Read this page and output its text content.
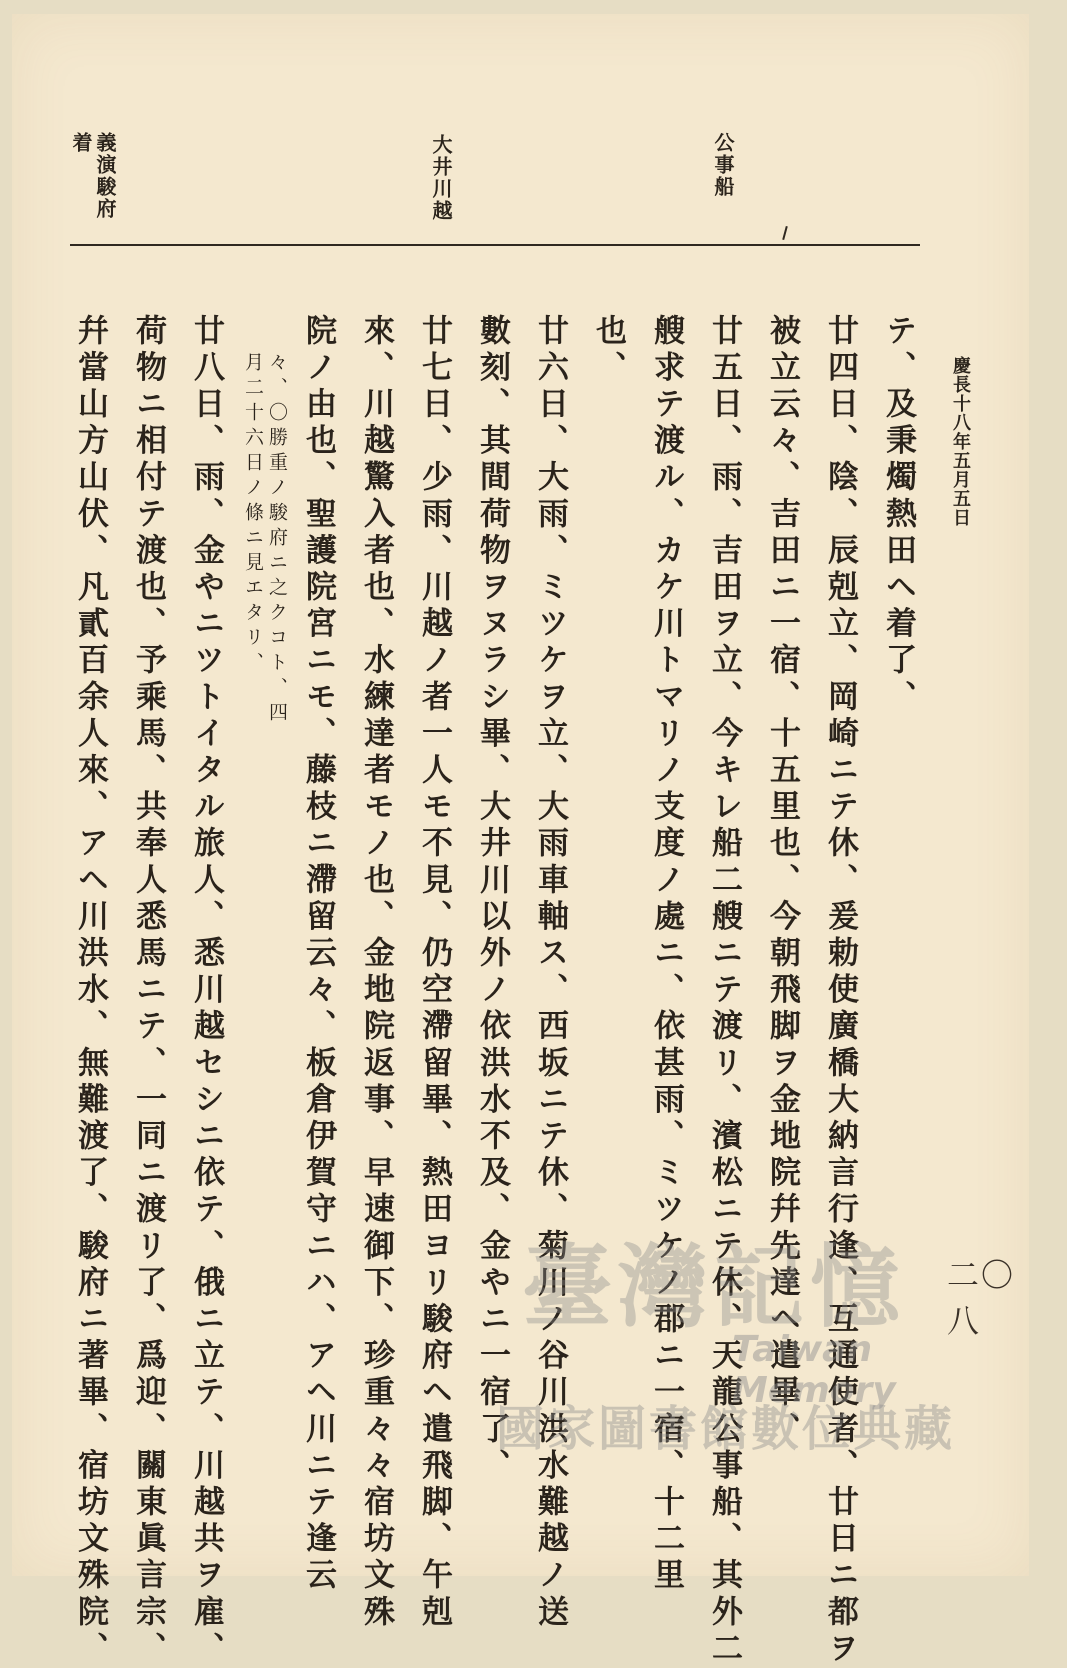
慶長十八年五月五日
二〇八
公事船
大井川越
義演駿府
着
テ、及秉燭熱田ヘ着了、
廿四日、陰、辰剋立、岡崎ニテ休、爰勅使廣橋大納言行逢、互通使者、廿日ニ都ヲ
被立云々、吉田ニ一宿、十五里也、今朝飛脚ヲ金地院幷先達ヘ遣畢、
廿五日、雨、吉田ヲ立、今キレ船二艘ニテ渡リ、濱松ニテ休、天龍公事船、其外二
艘求テ渡ル、カケ川トマリノ支度ノ處ニ、依甚雨、ミツケノ郡ニ一宿、十二里
也、
廿六日、大雨、ミツケヲ立、大雨車軸ス、西坂ニテ休、菊川ノ谷川洪水難越ノ送
數刻、其間荷物ヲヌラシ畢、大井川以外ノ依洪水不及、金やニ一宿了、
廿七日、少雨、川越ノ者一人モ不見、仍空滯留畢、熱田ヨリ駿府ヘ遣飛脚、午剋
來、川越驚入者也、水練達者モノ也、金地院返事、早速御下、珍重々々宿坊文殊
院ノ由也、聖護院宮ニモ、藤枝ニ滯留云々、板倉伊賀守ニハ、アヘ川ニテ逢云
々、〇勝重ノ駿府ニ之クコト、四
月二十六日ノ條ニ見エタリ、
廿八日、雨、金やニツトイタル旅人、悉川越セシニ依テ、俄ニ立テ、川越共ヲ雇、
荷物ニ相付テ渡也、予乘馬、共奉人悉馬ニテ、一同ニ渡リ了、爲迎、關東眞言宗、
幷當山方山伏、凡貳百余人來、アヘ川洪水、無難渡了、駿府ニ著畢、宿坊文殊院、	臺灣記憶
Taiwan Memory
國家圖書館數位典藏
